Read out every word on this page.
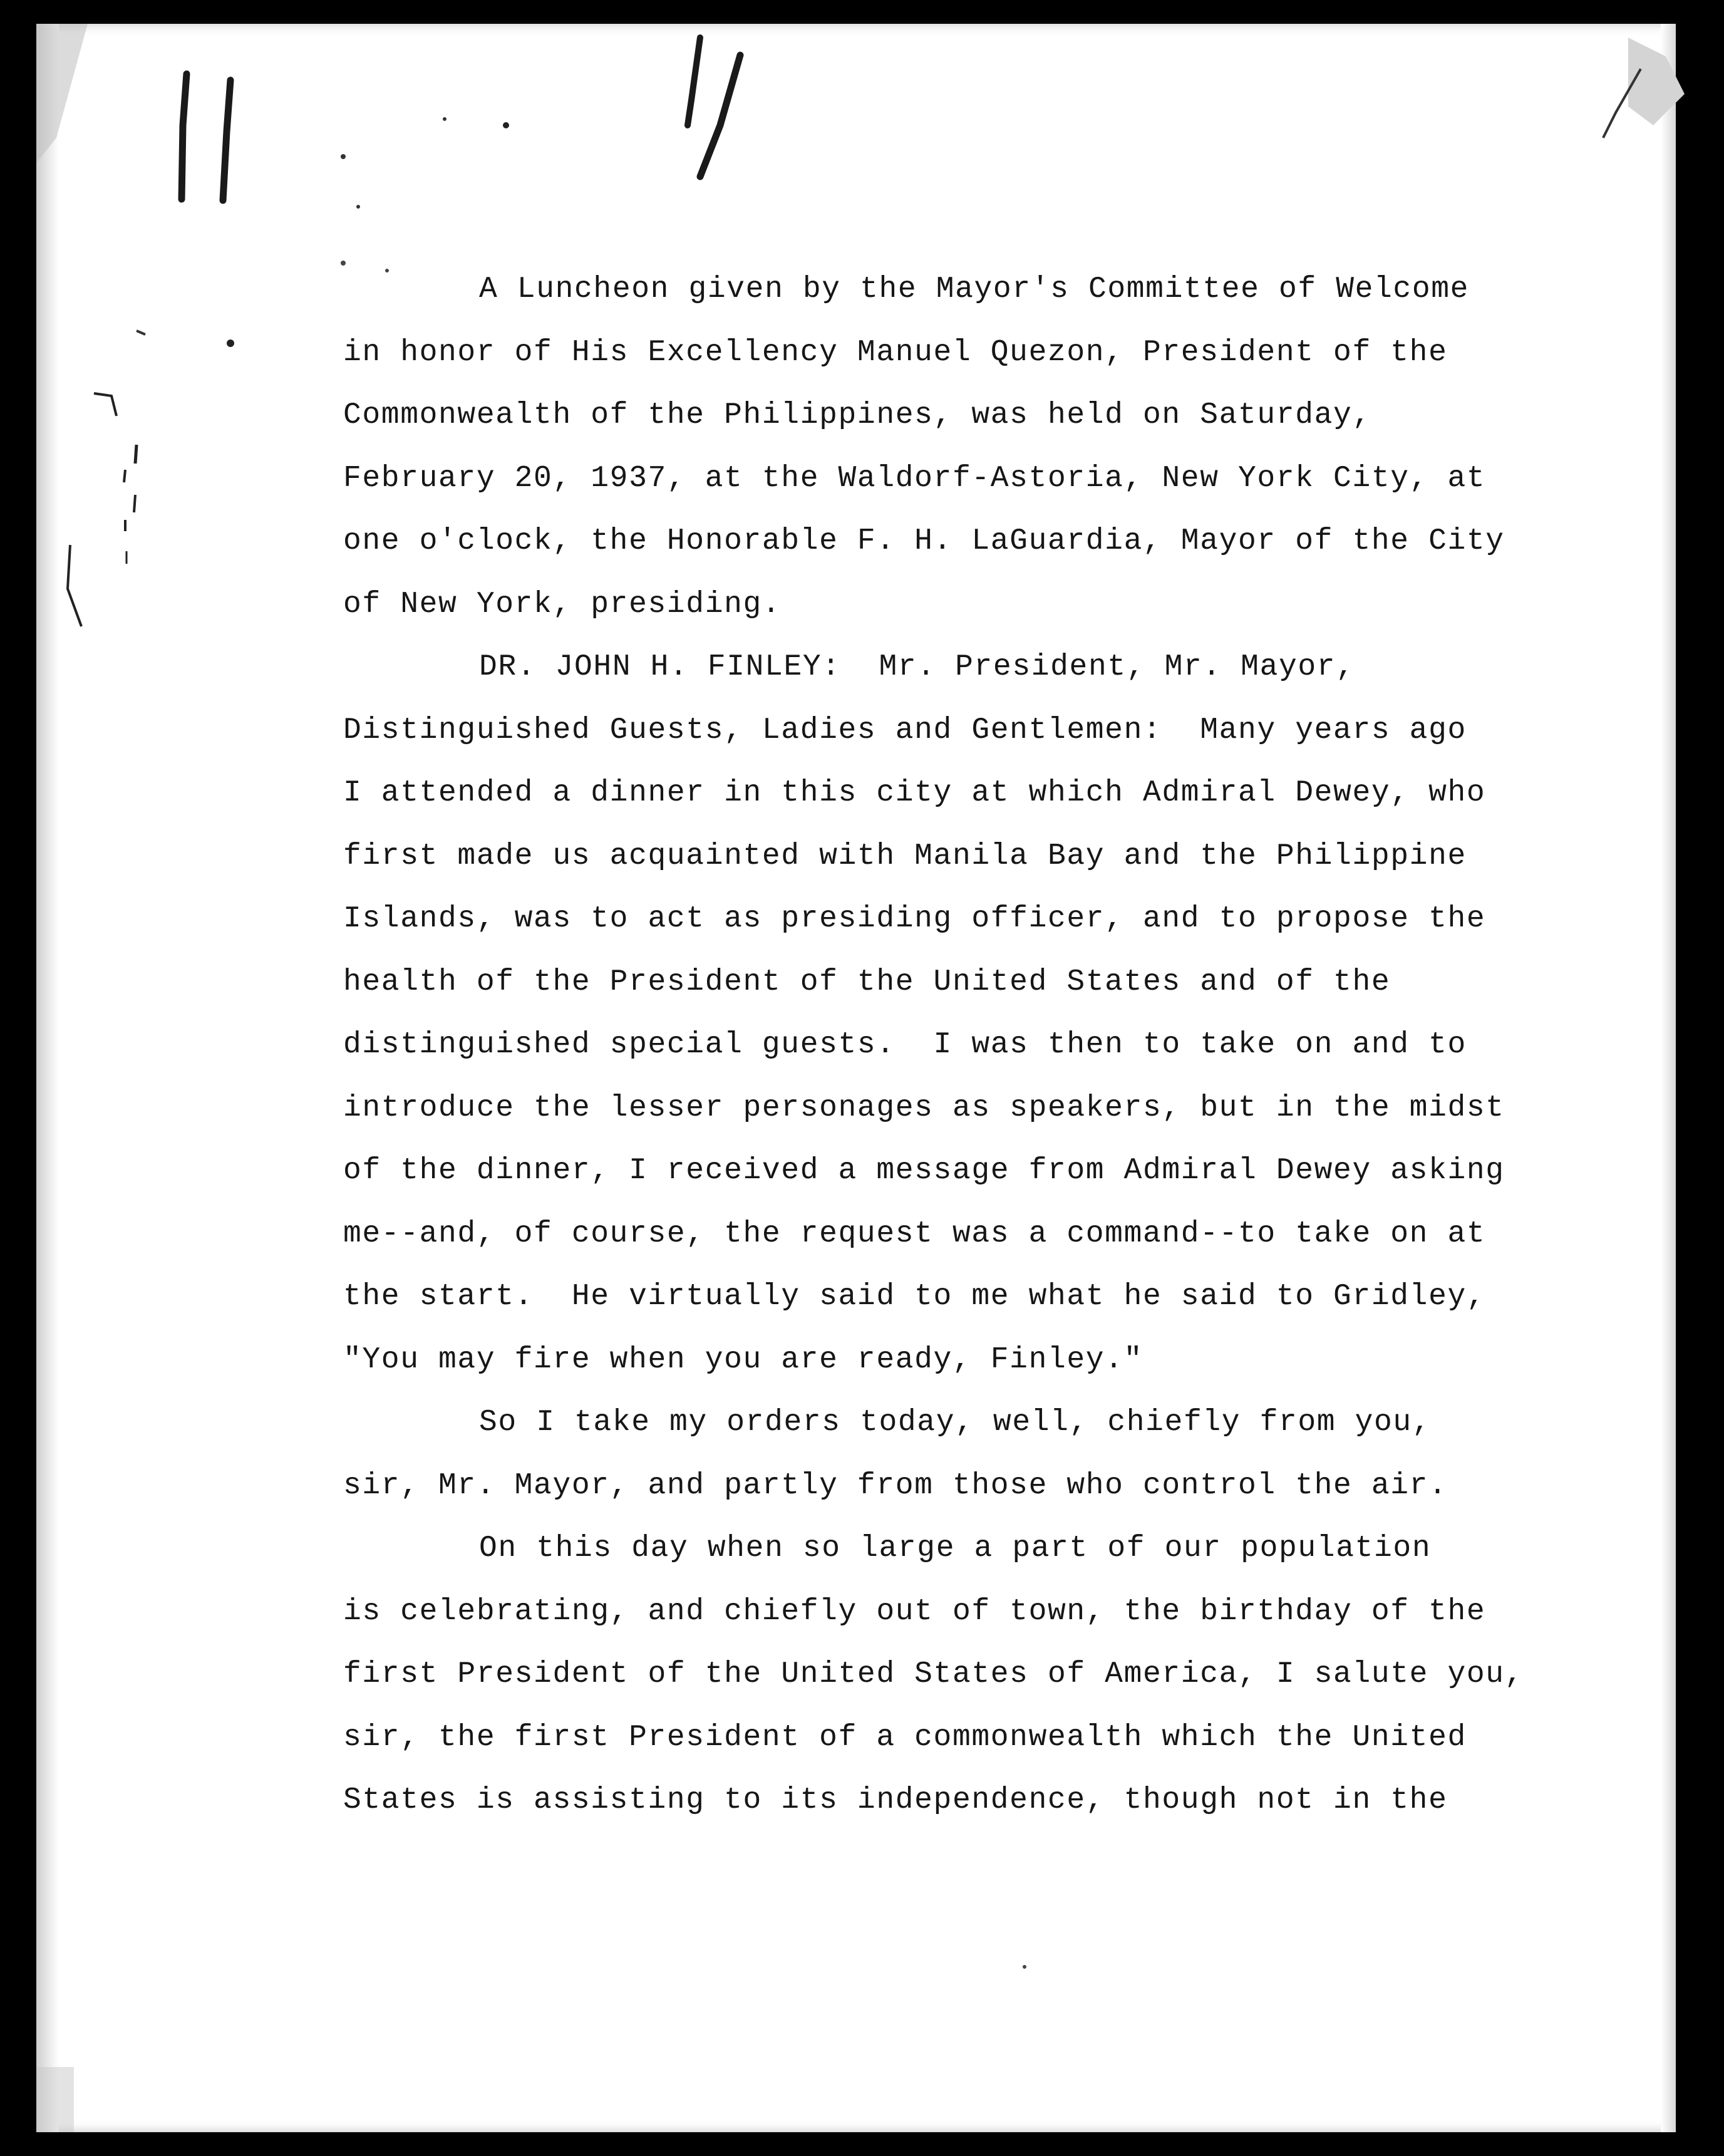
A Luncheon given by the Mayor's Committee of Welcome
in honor of His Excellency Manuel Quezon, President of the
Commonwealth of the Philippines, was held on Saturday,
February 20, 1937, at the Waldorf-Astoria, New York City, at
one o'clock, the Honorable F. H. LaGuardia, Mayor of the City
of New York, presiding.
DR. JOHN H. FINLEY:  Mr. President, Mr. Mayor,
Distinguished Guests, Ladies and Gentlemen:  Many years ago
I attended a dinner in this city at which Admiral Dewey, who
first made us acquainted with Manila Bay and the Philippine
Islands, was to act as presiding officer, and to propose the
health of the President of the United States and of the
distinguished special guests.  I was then to take on and to
introduce the lesser personages as speakers, but in the midst
of the dinner, I received a message from Admiral Dewey asking
me--and, of course, the request was a command--to take on at
the start.  He virtually said to me what he said to Gridley,
"You may fire when you are ready, Finley."
So I take my orders today, well, chiefly from you,
sir, Mr. Mayor, and partly from those who control the air.
On this day when so large a part of our population
is celebrating, and chiefly out of town, the birthday of the
first President of the United States of America, I salute you,
sir, the first President of a commonwealth which the United
States is assisting to its independence, though not in the
